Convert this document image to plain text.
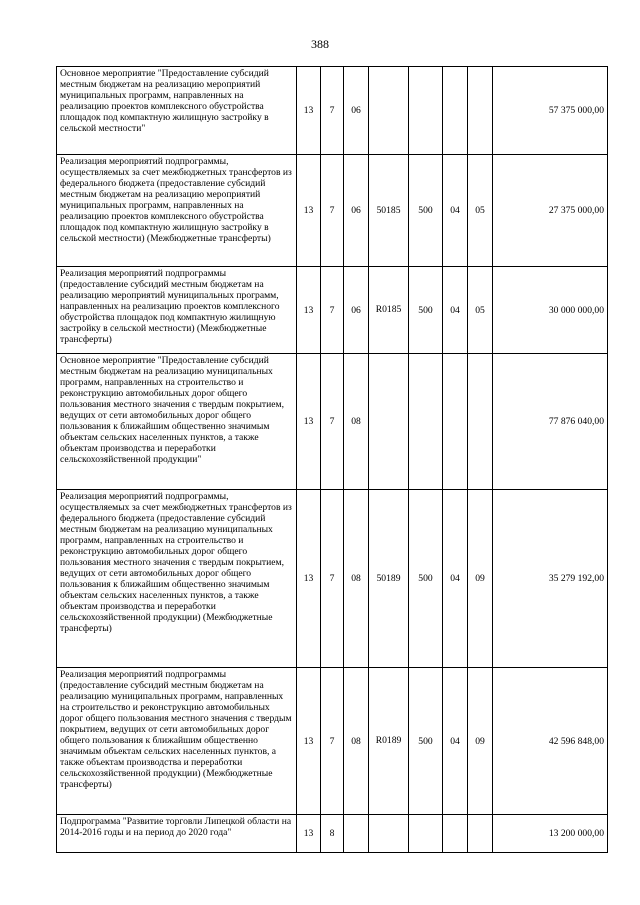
388
Основное мероприятие "Предоставление субсидий местным бюджетам на реализацию мероприятий муниципальных программ, направленных на реализацию проектов комплексного обустройства площадок под компактную жилищную застройку в сельской местности"	13	7	06					57 375 000,00
Реализация мероприятий подпрограммы, осуществляемых за счет межбюджетных трансфертов из федерального бюджета (предоставление субсидий местным бюджетам на реализацию мероприятий муниципальных программ, направленных на реализацию проектов комплексного обустройства площадок под компактную жилищную застройку в сельской местности) (Межбюджетные трансферты)	13	7	06	50185	500	04	05	27 375 000,00
Реализация мероприятий подпрограммы (предоставление субсидий местным бюджетам на реализацию мероприятий муниципальных программ, направленных на реализацию проектов комплексного обустройства площадок под компактную жилищную застройку в сельской местности) (Межбюджетные трансферты)	13	7	06	R0185	500	04	05	30 000 000,00
Основное мероприятие "Предоставление субсидий местным бюджетам на реализацию муниципальных программ, направленных на строительство и реконструкцию автомобильных дорог общего пользования местного значения с твердым покрытием, ведущих от сети автомобильных дорог общего пользования к ближайшим общественно значимым объектам сельских населенных пунктов, а также объектам производства и переработки сельскохозяйственной продукции"	13	7	08					77 876 040,00
Реализация мероприятий подпрограммы, осуществляемых за счет межбюджетных трансфертов из федерального бюджета (предоставление субсидий местным бюджетам на реализацию муниципальных программ, направленных на строительство и реконструкцию автомобильных дорог общего пользования местного значения с твердым покрытием, ведущих от сети автомобильных дорог общего пользования к ближайшим общественно значимым объектам сельских населенных пунктов, а также объектам производства и переработки сельскохозяйственной продукции) (Межбюджетные трансферты)	13	7	08	50189	500	04	09	35 279 192,00
Реализация мероприятий подпрограммы (предоставление субсидий местным бюджетам на реализацию муниципальных программ, направленных на строительство и реконструкцию автомобильных дорог общего пользования местного значения с твердым покрытием, ведущих от сети автомобильных дорог общего пользования к ближайшим общественно значимым объектам сельских населенных пунктов, а также объектам производства и переработки сельскохозяйственной продукции) (Межбюджетные трансферты)	13	7	08	R0189	500	04	09	42 596 848,00
Подпрограмма "Развитие торговли Липецкой области на 2014-2016 годы и на период до 2020 года"	13	8						13 200 000,00
